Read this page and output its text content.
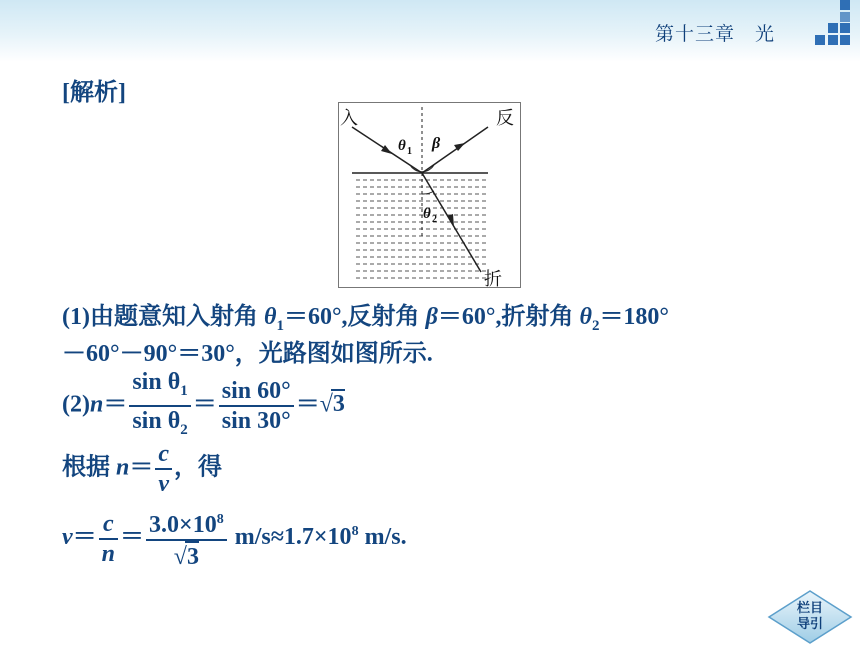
第十三章　光
[解析]
入	反
折
θ 1 β
θ 2
(1)由题意知入射角 $\theta_1=60^\circ$,反射角 β＝60°,折射角 $\theta_2=180^\circ$
－60°－90°＝30°，光路图如图所示.
$(2)n= \frac{\sin \theta_1}{\sin \theta_2} = \frac{\sin 60^\circ}{\sin 30^\circ} =√3$
根据 $n= \frac{c}{v}$ ，得
$v= \frac{c}{n} = \frac{3.0\times 10^8}{√3} m/s\approx 1.7\times 10^8$ m/s.
栏目
导引
